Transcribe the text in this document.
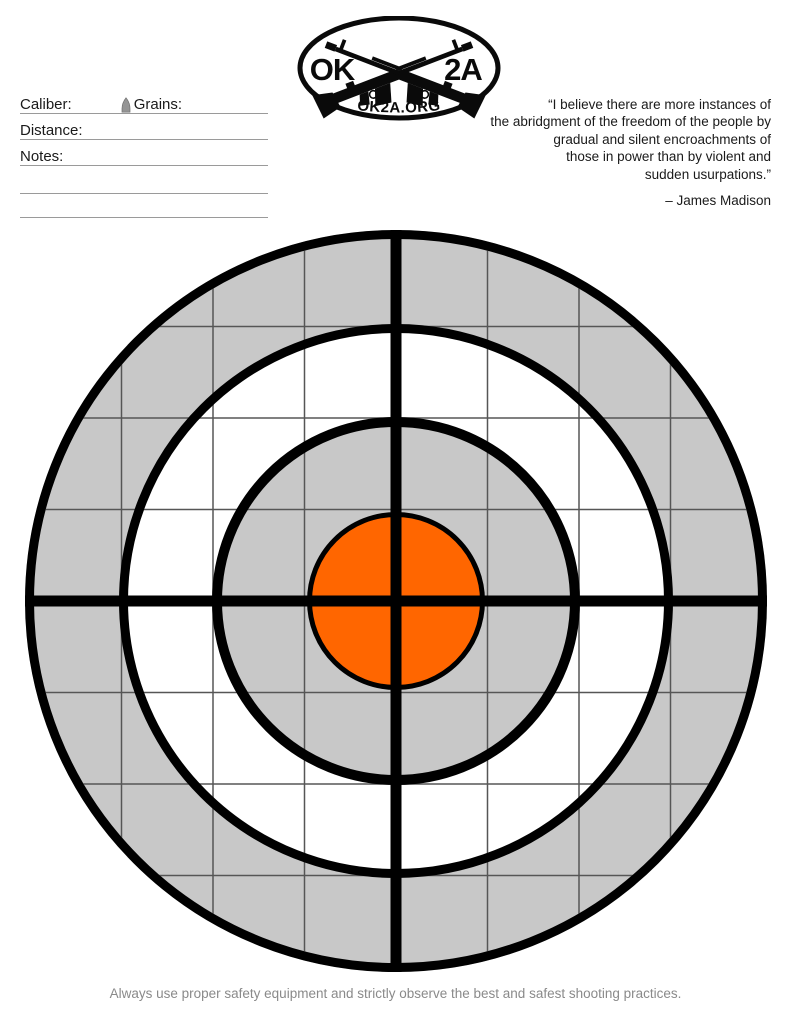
OK	2A
OK2A.ORG
Caliber:	Grains:
Distance:
Notes:
“I believe there are more instances of
the abridgment of the freedom of the people by
gradual and silent encroachments of
those in power than by violent and
sudden usurpations.”
– James Madison
Always use proper safety equipment and strictly observe the best and safest shooting practices.
